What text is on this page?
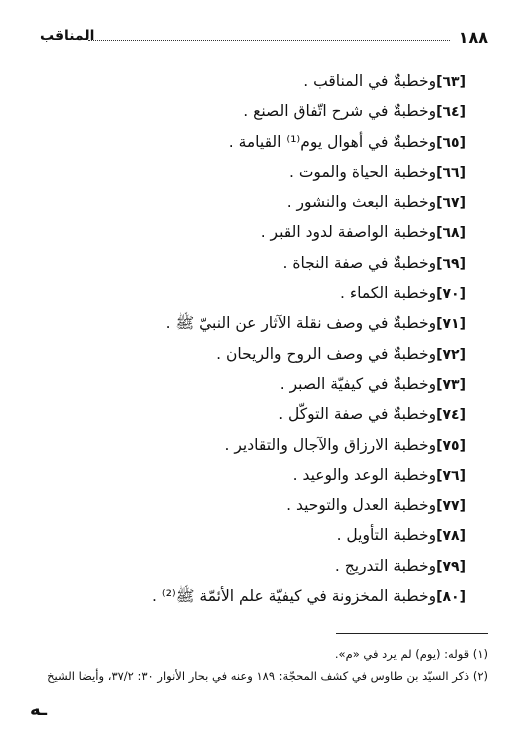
١٨٨
المناقب
[٦٣]وخطبةٌ في المناقب .
[٦٤]وخطبةٌ في شرح اتّفاق الصنع .
[٦٥]وخطبةٌ في أهوال يوم⁽¹⁾ القيامة .
[٦٦]وخطبة الحياة والموت .
[٦٧]وخطبة البعث والنشور .
[٦٨]وخطبة الواصفة لدود القبر .
[٦٩]وخطبةٌ في صفة النجاة .
[٧٠]وخطبة الكماء .
[٧١]وخطبةٌ في وصف نقلة الآثار عن النبيّ ﷺ .
[٧٢]وخطبةٌ في وصف الروح والريحان .
[٧٣]وخطبةٌ في كيفيّة الصبر .
[٧٤]وخطبةٌ في صفة التوكّل .
[٧٥]وخطبة الارزاق والآجال والتقادير .
[٧٦]وخطبة الوعد والوعيد .
[٧٧]وخطبة العدل والتوحيد .
[٧٨]وخطبة التأويل .
[٧٩]وخطبة التدريج .
[٨٠]وخطبة المخزونة في كيفيّة علم الأئمّة ﷺ⁽²⁾ .
(١) قوله: (يوم) لم يرد في «م».
(٢) ذكر السيّد بن طاوس في كشف المحجّة: ١٨٩ وعنه في بحار الأنوار ٣٠: ٣٧/٢، وأيضا الشيخ
ـه
